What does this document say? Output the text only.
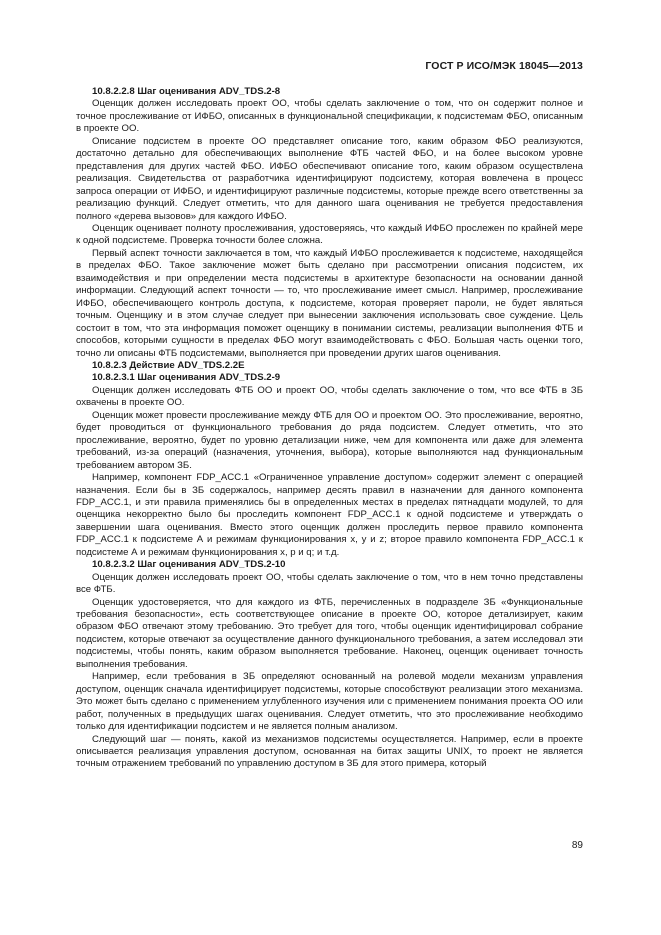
ГОСТ Р ИСО/МЭК 18045—2013

10.8.2.2.8 Шаг оценивания ADV_TDS.2-8

Оценщик должен исследовать проект ОО, чтобы сделать заключение о том, что он содержит полное и точное прослеживание от ИФБО, описанных в функциональной спецификации, к подсистемам ФБО, описанным в проекте ОО.

Описание подсистем в проекте ОО представляет описание того, каким образом ФБО реализуются, достаточно детально для обеспечивающих выполнение ФТБ частей ФБО, и на более высоком уровне представления для других частей ФБО. ИФБО обеспечивают описание того, каким образом осуществлена реализация. Свидетельства от разработчика идентифицируют подсистему, которая вовлечена в процесс запроса операции от ИФБО, и идентифицируют различные подсистемы, которые прежде всего ответственны за реализацию функций. Следует отметить, что для данного шага оценивания не требуется предоставления полного «дерева вызовов» для каждого ИФБО.

Оценщик оценивает полноту прослеживания, удостоверяясь, что каждый ИФБО прослежен по крайней мере к одной подсистеме. Проверка точности более сложна.

Первый аспект точности заключается в том, что каждый ИФБО прослеживается к подсистеме, находящейся в пределах ФБО. Такое заключение может быть сделано при рассмотрении описания подсистем, их взаимодействия и при определении места подсистемы в архитектуре безопасности на основании данной информации. Следующий аспект точности — то, что прослеживание имеет смысл. Например, прослеживание ИФБО, обеспечивающего контроль доступа, к подсистеме, которая проверяет пароли, не будет являться точным. Оценщику и в этом случае следует при вынесении заключения использовать свое суждение. Цель состоит в том, что эта информация поможет оценщику в понимании системы, реализации выполнения ФТБ и способов, которыми сущности в пределах ФБО могут взаимодействовать с ФБО. Большая часть оценки того, точно ли описаны ФТБ подсистемами, выполняется при проведении других шагов оценивания.

10.8.2.3 Действие ADV_TDS.2.2E

10.8.2.3.1 Шаг оценивания ADV_TDS.2-9

Оценщик должен исследовать ФТБ ОО и проект ОО, чтобы сделать заключение о том, что все ФТБ в ЗБ охвачены в проекте ОО.

Оценщик может провести прослеживание между ФТБ для ОО и проектом ОО. Это прослеживание, вероятно, будет проводиться от функционального требования до ряда подсистем. Следует отметить, что это прослеживание, вероятно, будет по уровню детализации ниже, чем для компонента или даже для элемента требований, из-за операций (назначения, уточнения, выбора), которые выполняются над функциональным требованием автором ЗБ.

Например, компонент FDP_ACC.1 «Ограниченное управление доступом» содержит элемент с операцией назначения. Если бы в ЗБ содержалось, например десять правил в назначении для данного компонента FDP_ACC.1, и эти правила применялись бы в определенных местах в пределах пятнадцати модулей, то для оценщика некорректно было бы проследить компонент FDP_ACC.1 к одной подсистеме и утверждать о завершении шага оценивания. Вместо этого оценщик должен проследить первое правило компонента FDP_ACC.1 к подсистеме А и режимам функционирования x, y и z; второе правило компонента FDP_ACC.1 к подсистеме А и режимам функционирования x, p и q; и т.д.

10.8.2.3.2 Шаг оценивания ADV_TDS.2-10

Оценщик должен исследовать проект ОО, чтобы сделать заключение о том, что в нем точно представлены все ФТБ.

Оценщик удостоверяется, что для каждого из ФТБ, перечисленных в подразделе ЗБ «Функциональные требования безопасности», есть соответствующее описание в проекте ОО, которое детализирует, каким образом ФБО отвечают этому требованию. Это требует для того, чтобы оценщик идентифицировал собрание подсистем, которые отвечают за осуществление данного функционального требования, а затем исследовал эти подсистемы, чтобы понять, каким образом выполняется требование. Наконец, оценщик оценивает точность выполнения требования.

Например, если требования в ЗБ определяют основанный на ролевой модели механизм управления доступом, оценщик сначала идентифицирует подсистемы, которые способствуют реализации этого механизма. Это может быть сделано с применением углубленного изучения или с применением понимания проекта ОО или работ, полученных в предыдущих шагах оценивания. Следует отметить, что это прослеживание необходимо только для идентификации подсистем и не является полным анализом.

Следующий шаг — понять, какой из механизмов подсистемы осуществляется. Например, если в проекте описывается реализация управления доступом, основанная на битах защиты UNIX, то проект не является точным отражением требований по управлению доступом в ЗБ для этого примера, который

89
